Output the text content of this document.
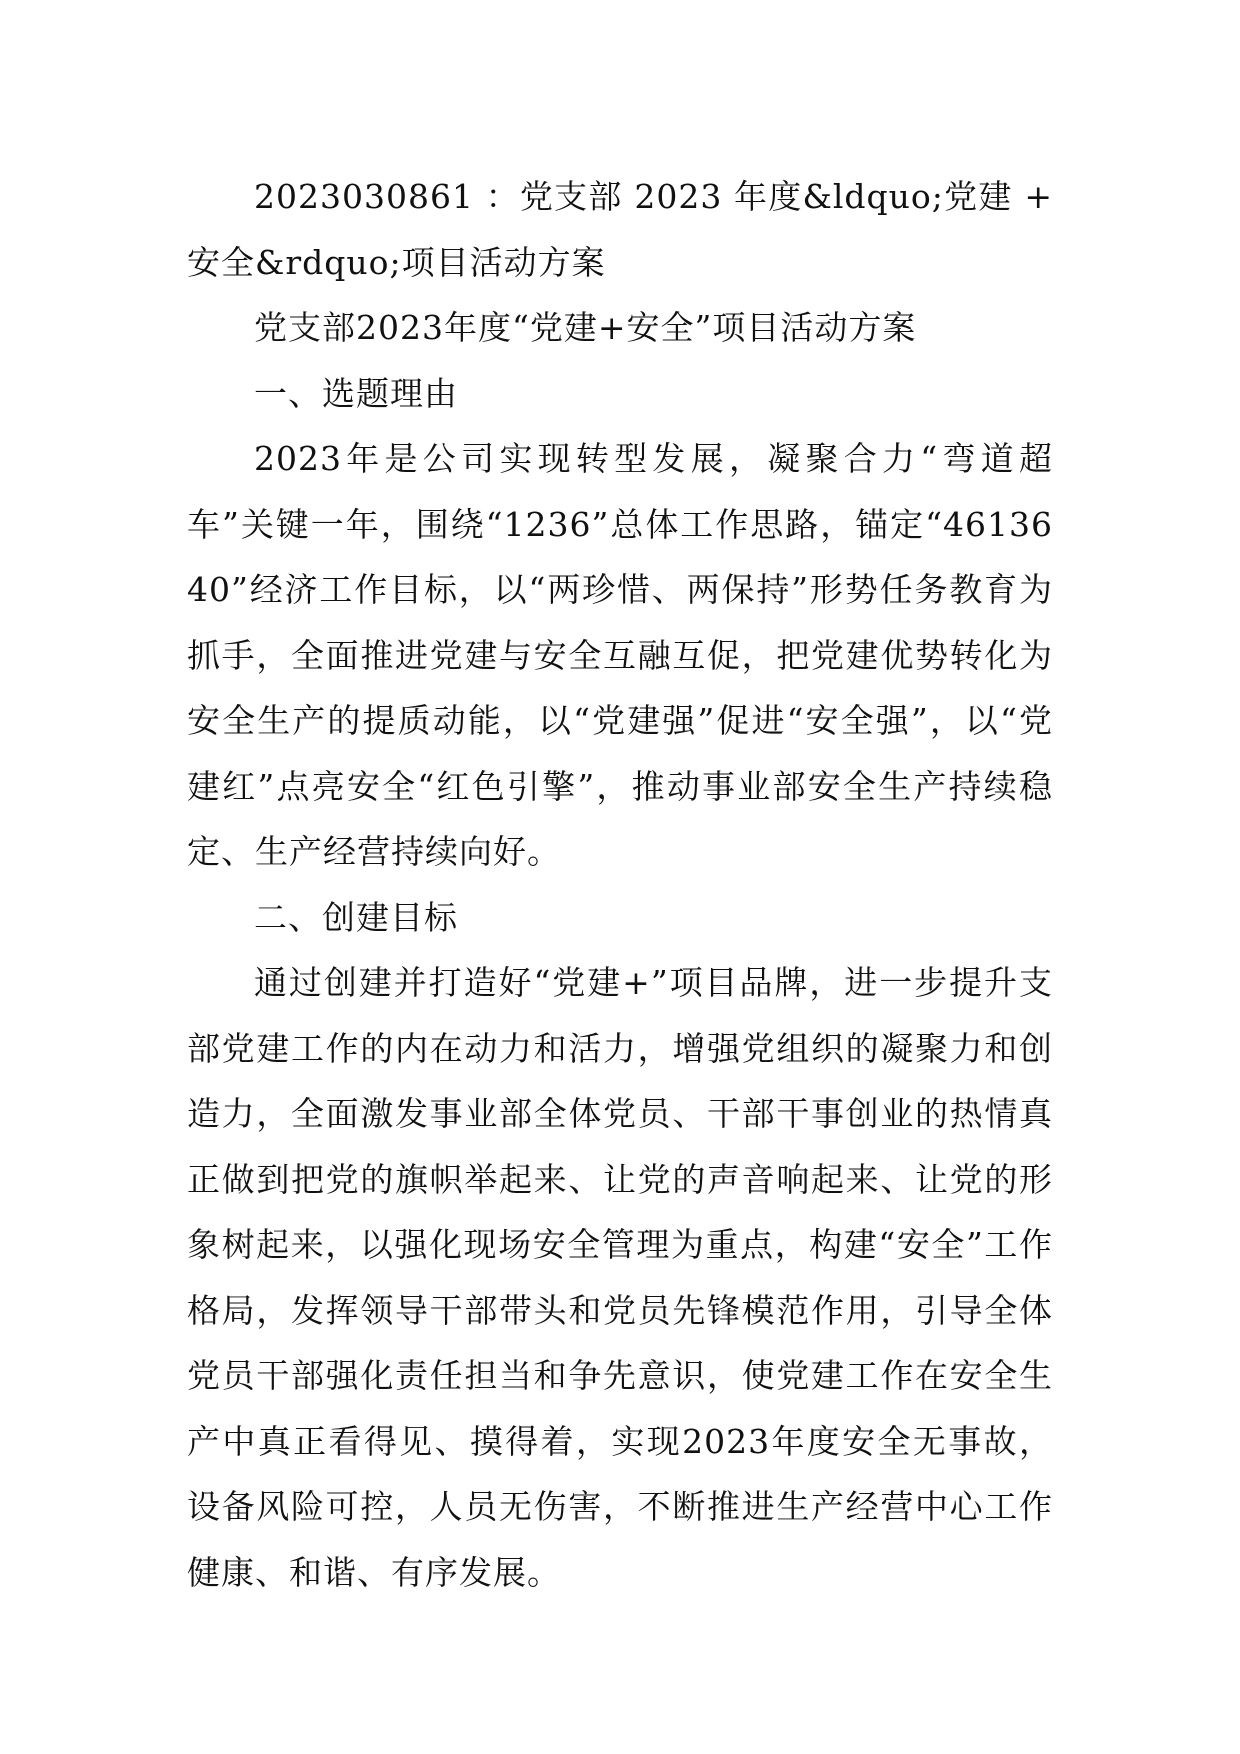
2023030861 ：党支部 2023 年度&ldquo;党建 + 安全&rdquo;项目活动方案

党支部2023年度“党建+安全”项目活动方案

一、选题理由

2023年是公司实现转型发展，凝聚合力“弯道超车”关键一年，围绕“1236”总体工作思路，锚定“4613640”经济工作目标，以“两珍惜、两保持”形势任务教育为抓手，全面推进党建与安全互融互促，把党建优势转化为安全生产的提质动能，以“党建强”促进“安全强”，以“党建红”点亮安全“红色引擎”，推动事业部安全生产持续稳定、生产经营持续向好。

二、创建目标

通过创建并打造好“党建+”项目品牌，进一步提升支部党建工作的内在动力和活力，增强党组织的凝聚力和创造力，全面激发事业部全体党员、干部干事创业的热情真正做到把党的旗帜举起来、让党的声音响起来、让党的形象树起来，以强化现场安全管理为重点，构建“安全”工作格局，发挥领导干部带头和党员先锋模范作用，引导全体党员干部强化责任担当和争先意识，使党建工作在安全生产中真正看得见、摸得着，实现2023年度安全无事故，设备风险可控，人员无伤害，不断推进生产经营中心工作健康、和谐、有序发展。
